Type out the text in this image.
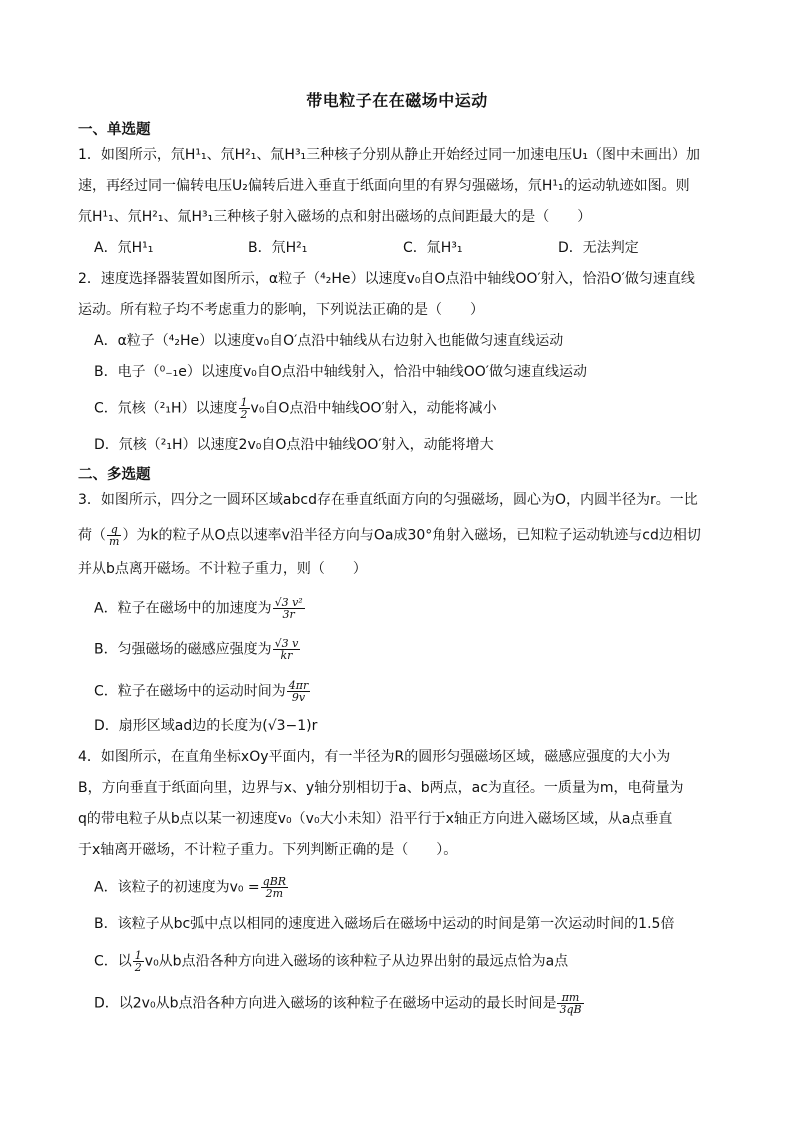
带电粒子在在磁场中运动
一、单选题
1．如图所示，氘H¹₁、氘H²₁、氚H³₁三种核子分别从静止开始经过同一加速电压U₁（图中未画出）加
速，再经过同一偏转电压U₂偏转后进入垂直于纸面向里的有界匀强磁场，氘H¹₁的运动轨迹如图。则
氘H¹₁、氘H²₁、氚H³₁三种核子射入磁场的点和射出磁场的点间距最大的是（　　）
A．氘H¹₁	B．氘H²₁	C．氚H³₁	D．无法判定
2．速度选择器装置如图所示，α粒子（⁴₂He）以速度v₀自O点沿中轴线OO′射入，恰沿O′做匀速直线
运动。所有粒子均不考虑重力的影响，下列说法正确的是（　　）
A．α粒子（⁴₂He）以速度v₀自O′点沿中轴线从右边射入也能做匀速直线运动
B．电子（⁰₋₁e）以速度v₀自O点沿中轴线射入，恰沿中轴线OO′做匀速直线运动
C．氘核（²₁H）以速度 $\frac{1}{2} v_0$自O点沿中轴线OO′射入，动能将减小
D．氘核（²₁H）以速度2v₀自O点沿中轴线OO′射入，动能将增大
二、多选题
3．如图所示，四分之一圆环区域abcd存在垂直纸面方向的匀强磁场，圆心为O，内圆半径为r。一比
荷（ $\frac{q}{m}$ ）为k的粒子从O点以速率v沿半径方向与Oa成30°角射入磁场，已知粒子运动轨迹与cd边相切
并从b点离开磁场。不计粒子重力，则（　　）
A．粒子在磁场中的加速度为 $\frac{\text{√3 v²}}{3r}$
B．匀强磁场的磁感应强度为 $\frac{√3 v}{kr}$
C．粒子在磁场中的运动时间为 $\frac{4\pi r}{9v}$
D．扇形区域ad边的长度为(√3−1)r
4．如图所示，在直角坐标xOy平面内，有一半径为R的圆形匀强磁场区域，磁感应强度的大小为
B，方向垂直于纸面向里，边界与x、y轴分别相切于a、b两点，ac为直径。一质量为m，电荷量为
q的带电粒子从b点以某一初速度v₀（v₀大小未知）沿平行于x轴正方向进入磁场区域，从a点垂直
于x轴离开磁场，不计粒子重力。下列判断正确的是（　　）。
A．该粒子的初速度为$v_0 = \frac{\text{qBR}}{2m}$
B．该粒子从bc弧中点以相同的速度进入磁场后在磁场中运动的时间是第一次运动时间的1.5倍
C．以 $\frac{1}{2} v_0$从b点沿各种方向进入磁场的该种粒子从边界出射的最远点恰为a点
D．以2v₀从b点沿各种方向进入磁场的该种粒子在磁场中运动的最长时间是 $\frac{\pi m}{3qB}$
